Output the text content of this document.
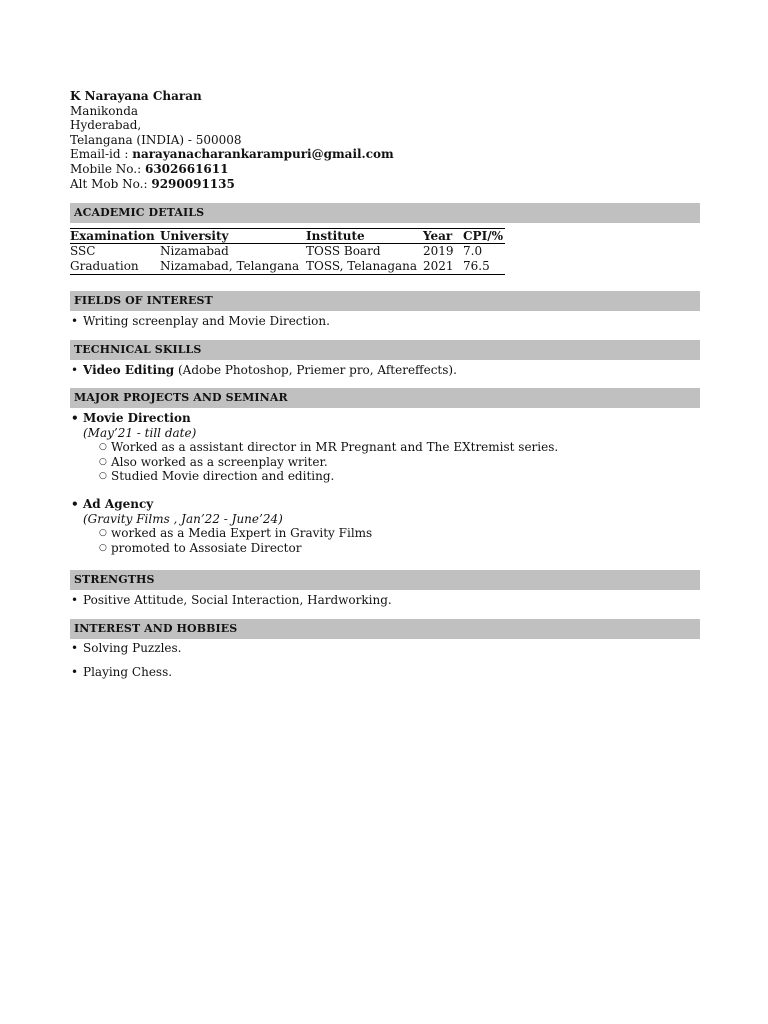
K Narayana Charan
Manikonda
Hyderabad,
Telangana (INDIA) - 500008
Email-id : narayanacharankarampuri@gmail.com
Mobile No.: 6302661611
Alt Mob No.: 9290091135
ACADEMIC DETAILS
Examination	University	Institute	Year	CPI/%
SSC	Nizamabad	TOSS Board	2019	7.0
Graduation	Nizamabad, Telangana	TOSS, Telanagana	2021	76.5
FIELDS OF INTEREST
• Writing screenplay and Movie Direction.
TECHNICAL SKILLS
• Video Editing (Adobe Photoshop, Priemer pro, Aftereffects).
MAJOR PROJECTS AND SEMINAR
• Movie Direction
(May’21 - till date)
○ Worked as a assistant director in MR Pregnant and The EXtremist series.
○ Also worked as a screenplay writer.
○ Studied Movie direction and editing.
• Ad Agency
(Gravity Films , Jan’22 - June’24)
○ worked as a Media Expert in Gravity Films
○ promoted to Assosiate Director
STRENGTHS
• Positive Attitude, Social Interaction, Hardworking.
INTEREST AND HOBBIES
• Solving Puzzles.
• Playing Chess.
